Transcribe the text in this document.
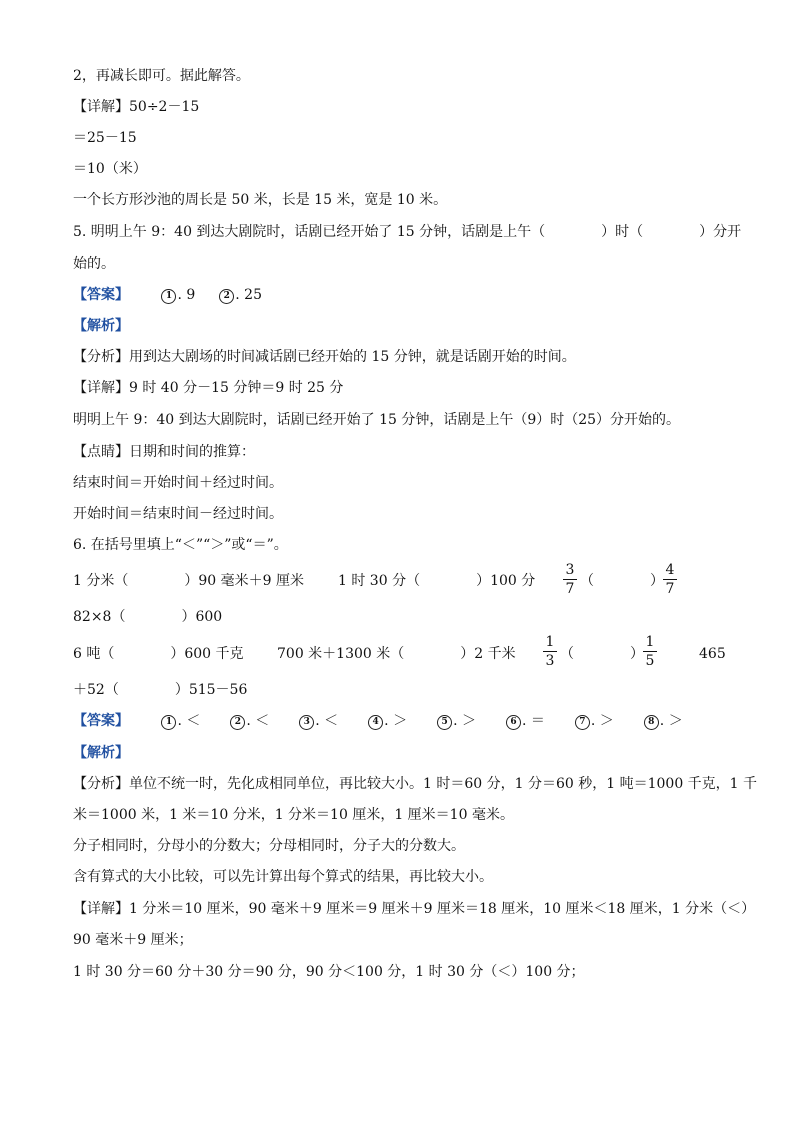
2，再减长即可。据此解答。
【详解】50÷2－15
＝25－15
＝10（米）
一个长方形沙池的周长是 50 米，长是 15 米，宽是 10 米。
5. 明明上午 9：40 到达大剧院时，话剧已经开始了 15 分钟，话剧是上午（　　　　）时（　　　　）分开
始的。
【答案】	1 . 9	2 . 25
【解析】
【分析】用到达大剧场的时间减话剧已经开始的 15 分钟，就是话剧开始的时间。
【详解】9 时 40 分－15 分钟＝9 时 25 分
明明上午 9：40 到达大剧院时，话剧已经开始了 15 分钟，话剧是上午（9）时（25）分开始的。
【点睛】日期和时间的推算：
结束时间＝开始时间＋经过时间。
开始时间＝结束时间－经过时间。
6. 在括号里填上“＜”“＞”或“＝”。
1 分米（　　　　）90 毫米＋9 厘米 1 时 30 分（　　　　）100 分
3
7 （　　　　）
4
7
82×8（　　　　）600
6 吨（　　　　）600 千克 700 米＋1300 米（　　　　）2 千米
1
3 （　　　　）
1
5	465
＋52（　　　　）515－56
【答案】	1 . ＜	2 . ＜	3 . ＜	4 . ＞	5 . ＞	6 . ＝	7 . ＞	8 . ＞
【解析】
【分析】单位不统一时，先化成相同单位，再比较大小。1 时＝60 分，1 分＝60 秒，1 吨＝1000 千克，1 千
米＝1000 米，1 米＝10 分米，1 分米＝10 厘米，1 厘米＝10 毫米。
分子相同时，分母小的分数大；分母相同时，分子大的分数大。
含有算式的大小比较，可以先计算出每个算式的结果，再比较大小。
【详解】1 分米＝10 厘米，90 毫米＋9 厘米＝9 厘米＋9 厘米＝18 厘米，10 厘米＜18 厘米，1 分米（＜）
90 毫米＋9 厘米；
1 时 30 分＝60 分＋30 分＝90 分，90 分＜100 分，1 时 30 分（＜）100 分；
